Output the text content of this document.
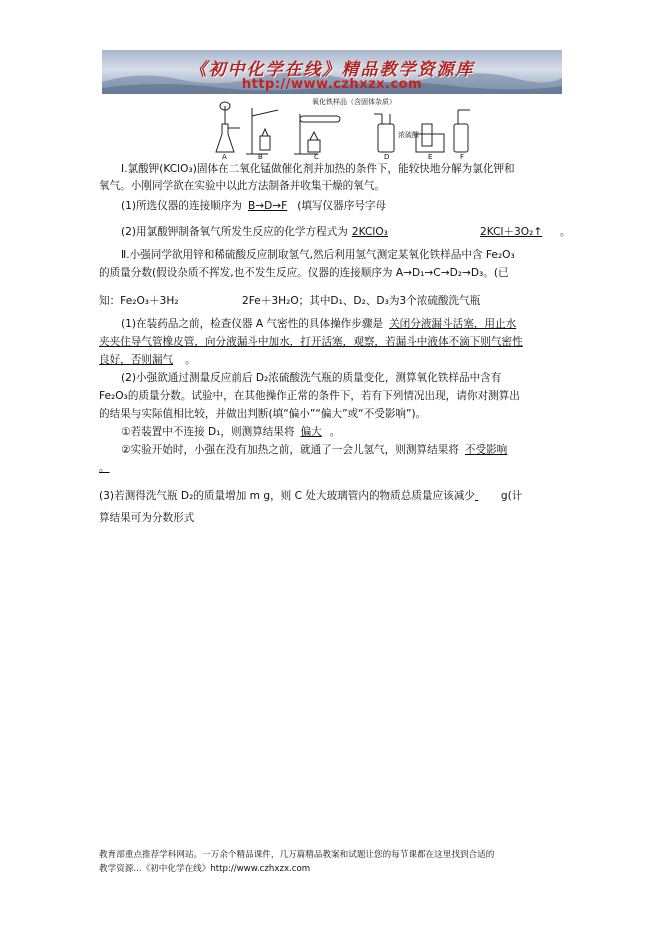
《初中化学在线》精品教学资源库
http://www.czhxzx.com
氧化铁样品（含固体杂质）
浓硫酸
A	B	C	D	E	F
Ⅰ.氯酸钾(KClO₃)固体在二氧化锰做催化剂并加热的条件下，能较快地分解为氯化钾和
氧气。小刚同学欲在实验中以此方法制备并收集干燥的氧气。
(1)所选仪器的连接顺序为 B→D→F (填写仪器序号字母
(2)用氯酸钾制备氧气所发生反应的化学方程式为 2KClO₃	2KCl＋3O₂↑ 。
Ⅱ.小强同学欲用锌和稀硫酸反应制取氢气,然后利用氢气测定某氧化铁样品中含 Fe₂O₃
的质量分数(假设杂质不挥发,也不发生反应。仪器的连接顺序为 A→D₁→C→D₂→D₃。(已
知：Fe₂O₃＋3H₂	2Fe＋3H₂O；其中D₁、D₂、D₃为3个浓硫酸洗气瓶
(1)在装药品之前，检查仪器 A 气密性的具体操作步骤是 关闭分液漏斗活塞，用止水
夹夹住导气管橡皮管，向分液漏斗中加水，打开活塞，观察，若漏斗中液体不滴下则气密性
良好，否则漏气 。
(2)小强欲通过测量反应前后 D₂浓硫酸洗气瓶的质量变化，测算氧化铁样品中含有
Fe₂O₃的质量分数。试验中，在其他操作正常的条件下，若有下列情况出现，请你对测算出
的结果与实际值相比较，并做出判断(填“偏小”“偏大”或“不受影响”)。
①若装置中不连接 D₁，则测算结果将 偏大 。
②实验开始时，小强在没有加热之前，就通了一会儿氢气，则测算结果将 不受影响
。
(3)若测得洗气瓶 D₂的质量增加 m g，则 C 处大玻璃管内的物质总质量应该减少 g(计
算结果可为分数形式
教育部重点推荐学科网站。一万余个精品课件，几万篇精品教案和试题让您的每节课都在这里找到合适的
教学资源...《初中化学在线》http://www.czhxzx.com
